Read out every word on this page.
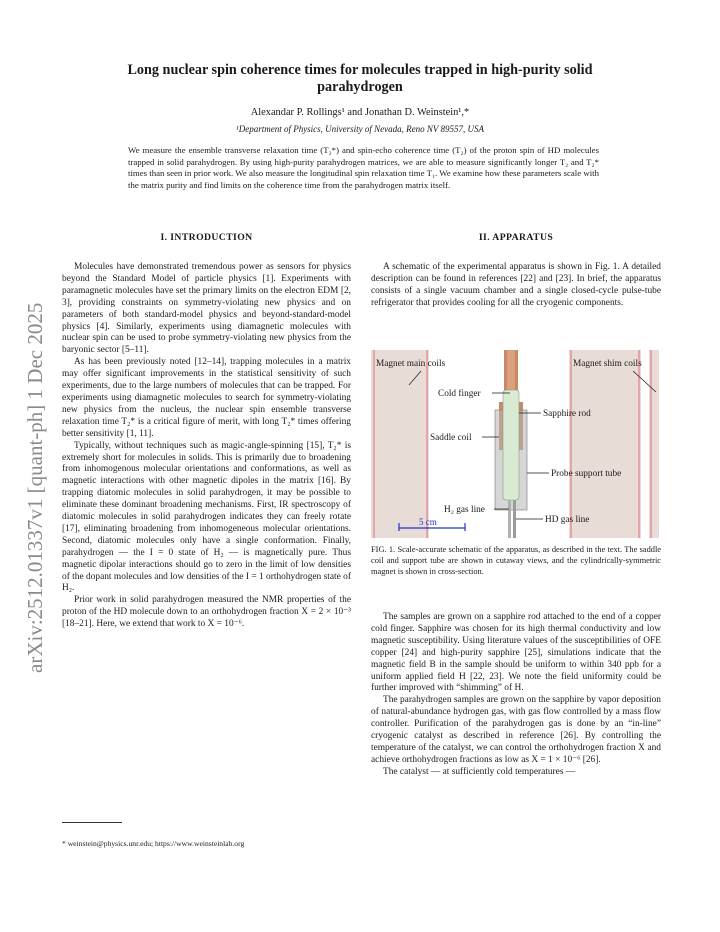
arXiv:2512.01337v1 [quant-ph] 1 Dec 2025
Long nuclear spin coherence times for molecules trapped in high-purity solid
parahydrogen
Alexandar P. Rollings¹ and Jonathan D. Weinstein¹,*
¹Department of Physics, University of Nevada, Reno NV 89557, USA
We measure the ensemble transverse relaxation time (T₂*) and spin-echo coherence time (T₂) of the proton spin of HD molecules trapped in solid parahydrogen. By using high-purity parahydrogen matrices, we are able to measure significantly longer T₂ and T₂* times than seen in prior work. We also measure the longitudinal spin relaxation time T₁. We examine how these parameters scale with the matrix purity and find limits on the coherence time from the parahydrogen matrix itself.
I. INTRODUCTION	II. APPARATUS

Molecules have demonstrated tremendous power as sensors for physics beyond the Standard Model of particle physics [1]. Experiments with paramagnetic molecules have set the primary limits on the electron EDM [2, 3], providing constraints on symmetry-violating new physics and on parameters of both standard-model physics and beyond-standard-model physics [4]. Similarly, experiments using diamagnetic molecules with nuclear spin can be used to probe symmetry-violating new physics from the baryonic sector [5–11].

As has been previously noted [12–14], trapping molecules in a matrix may offer significant improvements in the statistical sensitivity of such experiments, due to the large numbers of molecules that can be trapped. For experiments using diamagnetic molecules to search for symmetry-violating new physics from the nucleus, the nuclear spin ensemble transverse relaxation time T₂* is a critical figure of merit, with long T₂* times offering better sensitivity [1, 11].

Typically, without techniques such as magic-angle-spinning [15], T₂* is extremely short for molecules in solids. This is primarily due to broadening from inhomogenous molecular orientations and conformations, as well as magnetic interactions with other magnetic dipoles in the matrix [16]. By trapping diatomic molecules in solid parahydrogen, it may be possible to eliminate these dominant broadening mechanisms. First, IR spectroscopy of diatomic molecules in solid parahydrogen indicates they can freely rotate [17], eliminating broadening from inhomogeneous molecular orientations. Second, diatomic molecules only have a single conformation. Finally, parahydrogen — the I = 0 state of H₂ — is magnetically pure. Thus magnetic dipolar interactions should go to zero in the limit of low densities of the dopant molecules and low densities of the I = 1 orthohydrogen state of H₂.

Prior work in solid parahydrogen measured the NMR properties of the proton of the HD molecule down to an orthohydrogen fraction X = 2 × 10⁻³ [18–21]. Here, we extend that work to X = 10⁻⁶.

A schematic of the experimental apparatus is shown in Fig. 1. A detailed description can be found in references [22] and [23]. In brief, the apparatus consists of a single vacuum chamber and a single closed-cycle pulse-tube refrigerator that provides cooling for all the cryogenic components.

Magnet main coils	Magnet shim coils
Cold finger
Sapphire rod
Saddle coil
Probe support tube
H₂ gas line
HD gas line
5 cm
FIG. 1. Scale-accurate schematic of the apparatus, as described in the text. The saddle coil and support tube are shown in cutaway views, and the cylindrically-symmetric magnet is shown in cross-section.

The samples are grown on a sapphire rod attached to the end of a copper cold finger. Sapphire was chosen for its high thermal conductivity and low magnetic susceptibility. Using literature values of the susceptibilities of OFE copper [24] and high-purity sapphire [25], simulations indicate that the magnetic field B in the sample should be uniform to within 340 ppb for a uniform applied field H [22, 23]. We note the field uniformity could be further improved with “shimming” of H.

The parahydrogen samples are grown on the sapphire by vapor deposition of natural-abundance hydrogen gas, with gas flow controlled by a mass flow controller. Purification of the parahydrogen gas is done by an “in-line” cryogenic catalyst as described in reference [26]. By controlling the temperature of the catalyst, we can control the orthohydrogen fraction X and achieve orthohydrogen fractions as low as X = 1 × 10⁻⁶ [26].

The catalyst — at sufficiently cold temperatures —

* weinstein@physics.unr.edu; https://www.weinsteinlab.org
